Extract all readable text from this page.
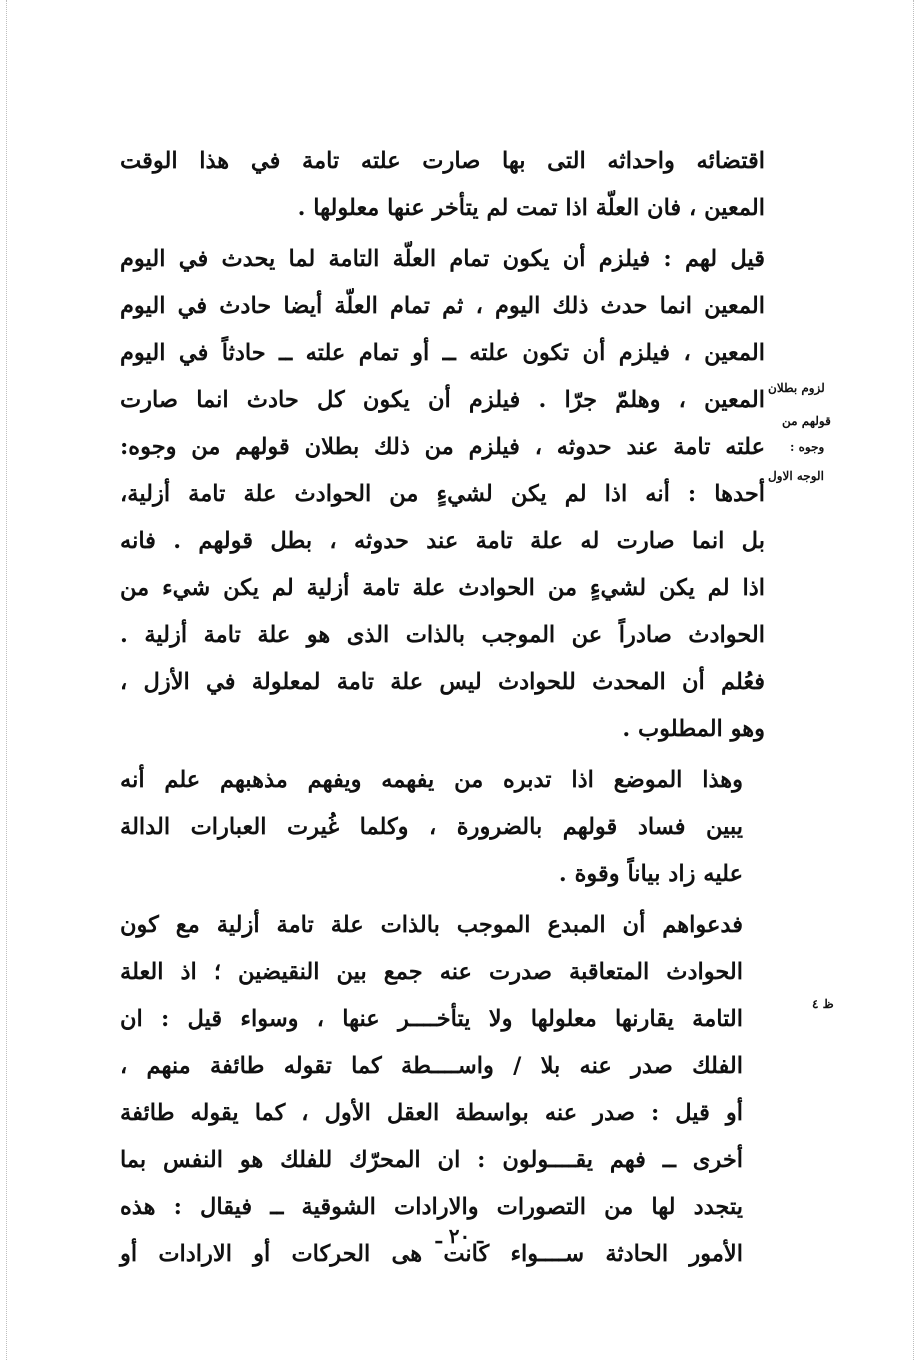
اقتضائه واحداثه التى بها صارت علته تامة في هذا الوقت
المعين ، فان العلّة اذا تمت لم يتأخر عنها معلولها .

قيل لهم : فيلزم أن يكون تمام العلّة التامة لما يحدث في اليوم
المعين انما حدث ذلك اليوم ، ثم تمام العلّة أيضا حادث في اليوم
المعين ، فيلزم أن تكون علته ــ أو تمام علته ــ حادثاً في اليوم
المعين ، وهلمّ جرّا . فيلزم أن يكون كل حادث انما صارت
علته تامة عند حدوثه ، فيلزم من ذلك بطلان قولهم من وجوه:
أحدها : أنه اذا لم يكن لشيءٍ من الحوادث علة تامة أزلية،
بل انما صارت له علة تامة عند حدوثه ، بطل قولهم . فانه
اذا لم يكن لشيءٍ من الحوادث علة تامة أزلية لم يكن شيء من
الحوادث صادراً عن الموجب بالذات الذى هو علة تامة أزلية .
فعُلم أن المحدث للحوادث ليس علة تامة لمعلولة في الأزل ،
وهو المطلوب .

وهذا الموضع اذا تدبره من يفهمه ويفهم مذهبهم علم أنه
يبين فساد قولهم بالضرورة ، وكلما غُيرت العبارات الدالة
عليه زاد بياناً وقوة .

فدعواهم أن المبدع الموجب بالذات علة تامة أزلية مع كون
الحوادث المتعاقبة صدرت عنه جمع بين النقيضين ؛ اذ العلة
التامة يقارنها معلولها ولا يتأخــــر عنها ، وسواء قيل : ان
الفلك صدر عنه بلا / واســــطة كما تقوله طائفة منهم ،
أو قيل : صدر عنه بواسطة العقل الأول ، كما يقوله طائفة
أخرى ــ فهم يقــــولون : ان المحرّك للفلك هو النفس بما
يتجدد لها من التصورات والارادات الشوقية ــ فيقال : هذه
الأمور الحادثة ســــواء كانت هى الحركات أو الارادات أو

لزوم بطلان
قولهم من
وجوه :
الوجه الاول
ظ ٤
ـ ٢٠ ـ
